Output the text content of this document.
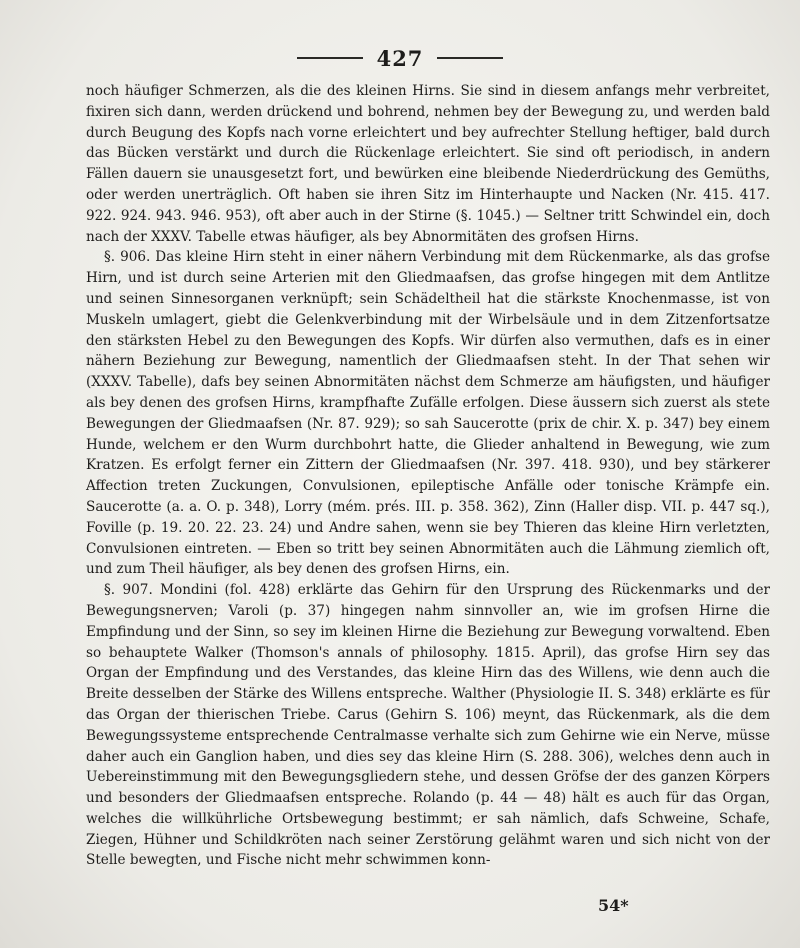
427

noch häufiger Schmerzen, als die des kleinen Hirns. Sie sind in diesem anfangs mehr verbreitet, fixiren sich dann, werden drückend und bohrend, nehmen bey der Bewegung zu, und werden bald durch Beugung des Kopfs nach vorne erleichtert und bey aufrechter Stellung heftiger, bald durch das Bücken verstärkt und durch die Rückenlage erleichtert. Sie sind oft periodisch, in andern Fällen dauern sie unausgesetzt fort, und bewürken eine bleibende Niederdrückung des Gemüths, oder werden unerträglich. Oft haben sie ihren Sitz im Hinterhaupte und Nacken (Nr. 415. 417. 922. 924. 943. 946. 953), oft aber auch in der Stirne (§. 1045.) — Seltner tritt Schwindel ein, doch nach der XXXV. Tabelle etwas häufiger, als bey Abnormitäten des grofsen Hirns.

§. 906. Das kleine Hirn steht in einer nähern Verbindung mit dem Rückenmarke, als das grofse Hirn, und ist durch seine Arterien mit den Gliedmaafsen, das grofse hingegen mit dem Antlitze und seinen Sinnesorganen verknüpft; sein Schädeltheil hat die stärkste Knochenmasse, ist von Muskeln umlagert, giebt die Gelenkverbindung mit der Wirbelsäule und in dem Zitzenfortsatze den stärksten Hebel zu den Bewegungen des Kopfs. Wir dürfen also vermuthen, dafs es in einer nähern Beziehung zur Bewegung, namentlich der Gliedmaafsen steht. In der That sehen wir (XXXV. Tabelle), dafs bey seinen Abnormitäten nächst dem Schmerze am häufigsten, und häufiger als bey denen des grofsen Hirns, krampfhafte Zufälle erfolgen. Diese äussern sich zuerst als stete Bewegungen der Gliedmaafsen (Nr. 87. 929); so sah Saucerotte (prix de chir. X. p. 347) bey einem Hunde, welchem er den Wurm durchbohrt hatte, die Glieder anhaltend in Bewegung, wie zum Kratzen. Es erfolgt ferner ein Zittern der Gliedmaafsen (Nr. 397. 418. 930), und bey stärkerer Affection treten Zuckungen, Convulsionen, epileptische Anfälle oder tonische Krämpfe ein. Saucerotte (a. a. O. p. 348), Lorry (mém. prés. III. p. 358. 362), Zinn (Haller disp. VII. p. 447 sq.), Foville (p. 19. 20. 22. 23. 24) und Andre sahen, wenn sie bey Thieren das kleine Hirn verletzten, Convulsionen eintreten. — Eben so tritt bey seinen Abnormitäten auch die Lähmung ziemlich oft, und zum Theil häufiger, als bey denen des grofsen Hirns, ein.

§. 907. Mondini (fol. 428) erklärte das Gehirn für den Ursprung des Rückenmarks und der Bewegungsnerven; Varoli (p. 37) hingegen nahm sinnvoller an, wie im grofsen Hirne die Empfindung und der Sinn, so sey im kleinen Hirne die Beziehung zur Bewegung vorwaltend. Eben so behauptete Walker (Thomson's annals of philosophy. 1815. April), das grofse Hirn sey das Organ der Empfindung und des Verstandes, das kleine Hirn das des Willens, wie denn auch die Breite desselben der Stärke des Willens entspreche. Walther (Physiologie II. S. 348) erklärte es für das Organ der thierischen Triebe. Carus (Gehirn S. 106) meynt, das Rückenmark, als die dem Bewegungssysteme entsprechende Centralmasse verhalte sich zum Gehirne wie ein Nerve, müsse daher auch ein Ganglion haben, und dies sey das kleine Hirn (S. 288. 306), welches denn auch in Uebereinstimmung mit den Bewegungsgliedern stehe, und dessen Gröfse der des ganzen Körpers und besonders der Gliedmaafsen entspreche. Rolando (p. 44 — 48) hält es auch für das Organ, welches die willkührliche Ortsbewegung bestimmt; er sah nämlich, dafs Schweine, Schafe, Ziegen, Hühner und Schildkröten nach seiner Zerstörung gelähmt waren und sich nicht von der Stelle bewegten, und Fische nicht mehr schwimmen konn-

54*
